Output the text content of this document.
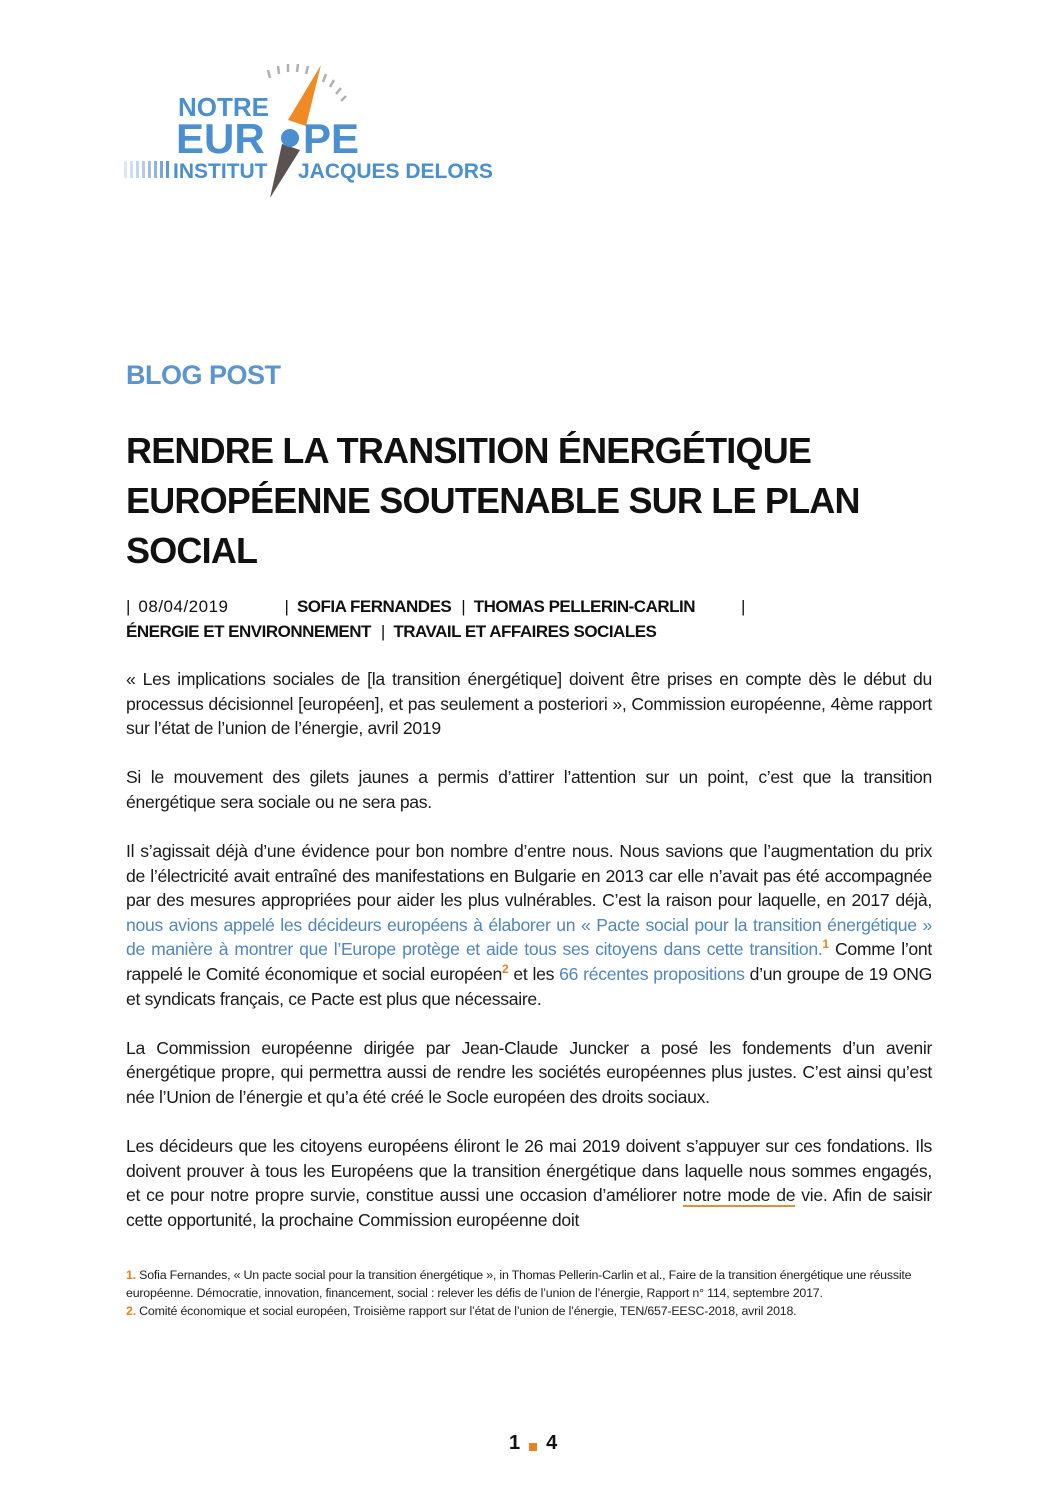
NOTRE
EUR PE
INSTITUT JACQUES DELORS
BLOG POST
RENDRE LA TRANSITION ÉNERGÉTIQUE EUROPÉENNE SOUTENABLE SUR LE PLAN SOCIAL
| 08/04/2019	| SOFIA FERNANDES | THOMAS PELLERIN-CARLIN	|
ÉNERGIE ET ENVIRONNEMENT | TRAVAIL ET AFFAIRES SOCIALES

« Les implications sociales de [la transition énergétique] doivent être prises en compte dès le début du processus décisionnel [européen], et pas seulement a posteriori », Commission européenne, 4ème rapport sur l’état de l’union de l’énergie, avril 2019

Si le mouvement des gilets jaunes a permis d’attirer l’attention sur un point, c’est que la transition énergétique sera sociale ou ne sera pas.

Il s’agissait déjà d’une évidence pour bon nombre d’entre nous. Nous savions que l’augmentation du prix de l’électricité avait entraîné des manifestations en Bulgarie en 2013 car elle n’avait pas été accompagnée par des mesures appropriées pour aider les plus vulnérables. C’est la raison pour laquelle, en 2017 déjà, nous avions appelé les décideurs européens à élaborer un « Pacte social pour la transition énergétique » de manière à montrer que l’Europe protège et aide tous ses citoyens dans cette transition.$^1$ Comme l’ont rappelé le Comité économique et social européen$^2$ et les 66 récentes propositions d’un groupe de 19 ONG et syndicats français, ce Pacte est plus que nécessaire.

La Commission européenne dirigée par Jean-Claude Juncker a posé les fondements d’un avenir énergétique propre, qui permettra aussi de rendre les sociétés européennes plus justes. C’est ainsi qu’est née l’Union de l’énergie et qu’a été créé le Socle européen des droits sociaux.

Les décideurs que les citoyens européens éliront le 26 mai 2019 doivent s’appuyer sur ces fondations. Ils doivent prouver à tous les Européens que la transition énergétique dans laquelle nous sommes engagés, et ce pour notre propre survie, constitue aussi une occasion d’améliorer notre mode de vie. Afin de saisir cette opportunité, la prochaine Commission européenne doit

1. Sofia Fernandes, « Un pacte social pour la transition énergétique », in Thomas Pellerin-Carlin et al., Faire de la transition énergétique une réussite européenne. Démocratie, innovation, financement, social : relever les défis de l’union de l’énergie, Rapport n° 114, septembre 2017.

2. Comité économique et social européen, Troisième rapport sur l’état de l’union de l’énergie, TEN/657-EESC-2018, avril 2018.

1 4
